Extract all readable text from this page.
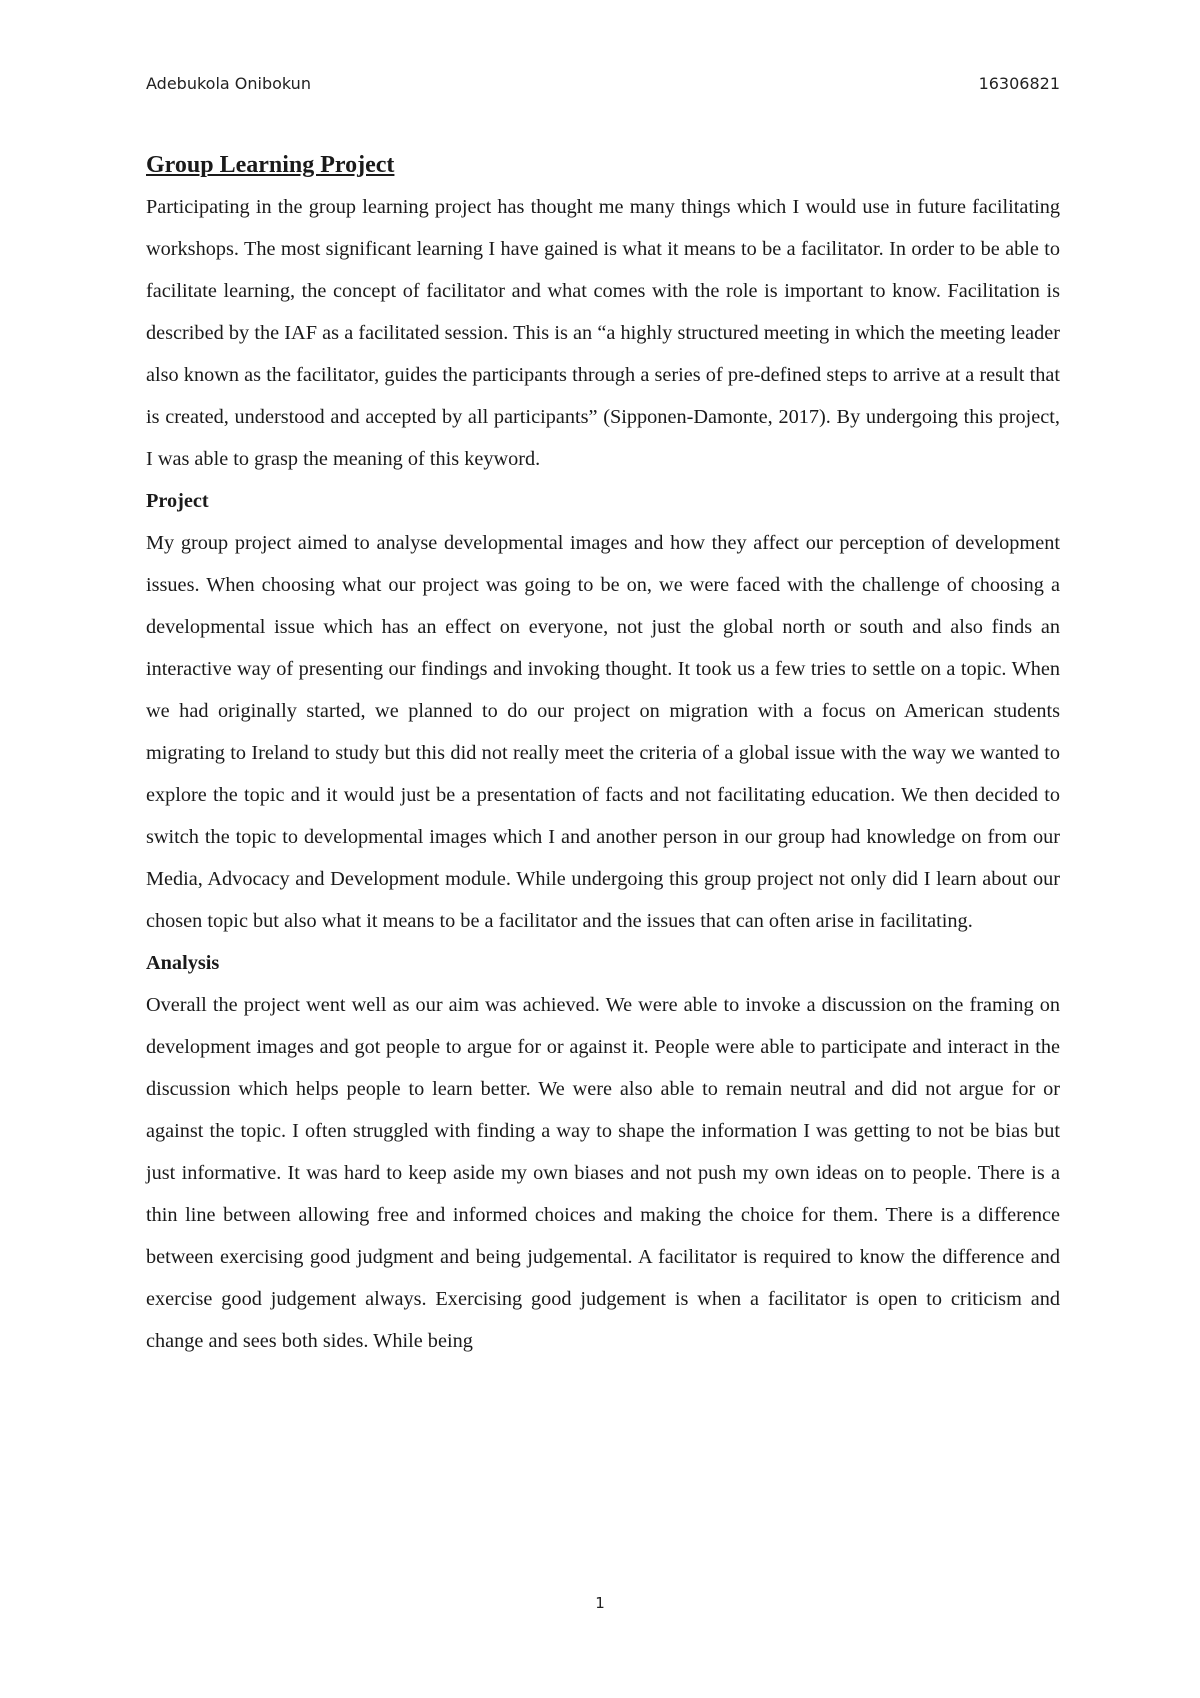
Adebukola Onibokun	16306821
Group Learning Project

Participating in the group learning project has thought me many things which I would use in future facilitating workshops. The most significant learning I have gained is what it means to be a facilitator. In order to be able to facilitate learning, the concept of facilitator and what comes with the role is important to know. Facilitation is described by the IAF as a facilitated session. This is an “a highly structured meeting in which the meeting leader also known as the facilitator, guides the participants through a series of pre-defined steps to arrive at a result that is created, understood and accepted by all participants” (Sipponen-Damonte, 2017). By undergoing this project, I was able to grasp the meaning of this keyword.

Project

My group project aimed to analyse developmental images and how they affect our perception of development issues. When choosing what our project was going to be on, we were faced with the challenge of choosing a developmental issue which has an effect on everyone, not just the global north or south and also finds an interactive way of presenting our findings and invoking thought. It took us a few tries to settle on a topic. When we had originally started, we planned to do our project on migration with a focus on American students migrating to Ireland to study but this did not really meet the criteria of a global issue with the way we wanted to explore the topic and it would just be a presentation of facts and not facilitating education. We then decided to switch the topic to developmental images which I and another person in our group had knowledge on from our Media, Advocacy and Development module. While undergoing this group project not only did I learn about our chosen topic but also what it means to be a facilitator and the issues that can often arise in facilitating.

Analysis

Overall the project went well as our aim was achieved. We were able to invoke a discussion on the framing on development images and got people to argue for or against it. People were able to participate and interact in the discussion which helps people to learn better. We were also able to remain neutral and did not argue for or against the topic. I often struggled with finding a way to shape the information I was getting to not be bias but just informative. It was hard to keep aside my own biases and not push my own ideas on to people. There is a thin line between allowing free and informed choices and making the choice for them. There is a difference between exercising good judgment and being judgemental. A facilitator is required to know the difference and exercise good judgement always. Exercising good judgement is when a facilitator is open to criticism and change and sees both sides. While being

1
